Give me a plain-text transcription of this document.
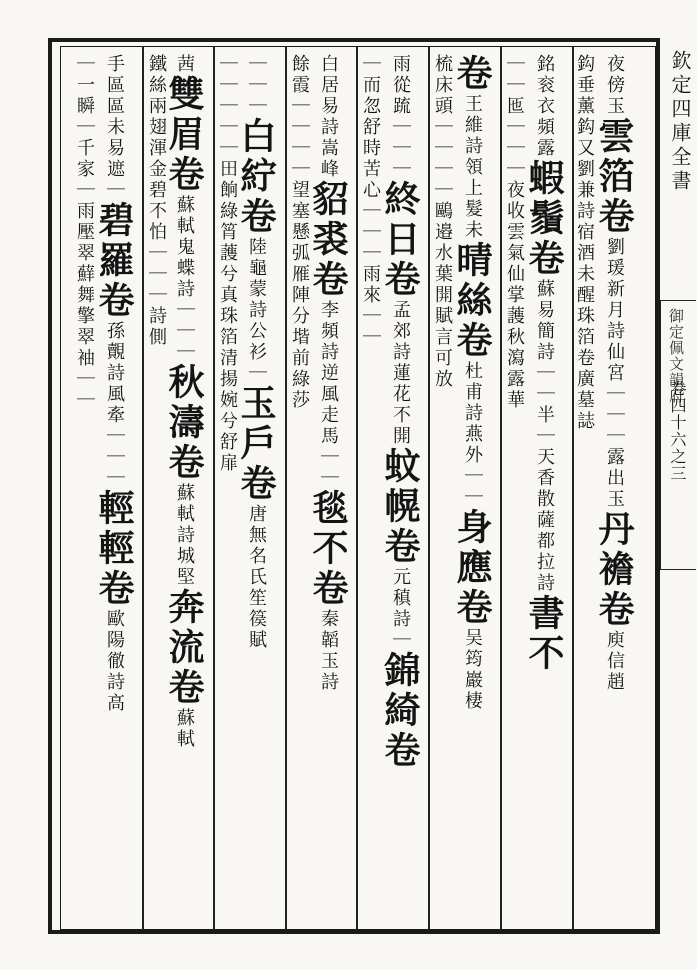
欽定四庫全書
御定佩文韻府
卷四十六之三
夜傍玉雲箔卷劉瑗新月詩仙宮｜｜｜露出玉丹襜卷庾信趙
鈎垂薰鈎又劉兼詩宿酒未醒珠箔卷廣墓誌
銘衮衣頻露蝦鬚卷蘇易簡詩｜｜半｜天香散薩都拉詩書不
｜｜匜｜｜｜夜收雲氣仙掌䕶秋瀉露華
卷王維詩領上髮未晴絲卷杜甫詩燕外｜｜身應卷吴筠巖棲
梳床頭｜｜｜｜鷗邉水葉開賦言可放
雨從䟽｜｜｜終日卷孟郊詩蓮花不開蚊幌卷元稹詩｜錦綺卷
｜而忽舒時苦心｜｜｜雨來｜｜
白居易詩嵩峰貂裘卷李頻詩逆風走馬｜｜毯不卷秦韜玉詩
餘霞｜｜｜｜望塞懸弧雁陣分堦前綠莎
｜｜｜白紵卷陸龜蒙詩公衫｜玉戶卷唐無名氏笙篌賦
｜｜｜｜｜田餉綠筲䕶兮真珠箔清揚婉兮舒扉
茜雙眉卷蘇軾鬼蝶詩｜｜｜秋濤卷蘇軾詩城堅奔流卷蘇軾
鐵絲兩翅渾金碧不怕｜｜｜詩側
手區區未易遮｜碧羅卷孫覿詩風牽｜｜｜輕輕卷歐陽徹詩高
｜一瞬｜千家｜雨壓翠蘚舞擎翠袖｜｜
